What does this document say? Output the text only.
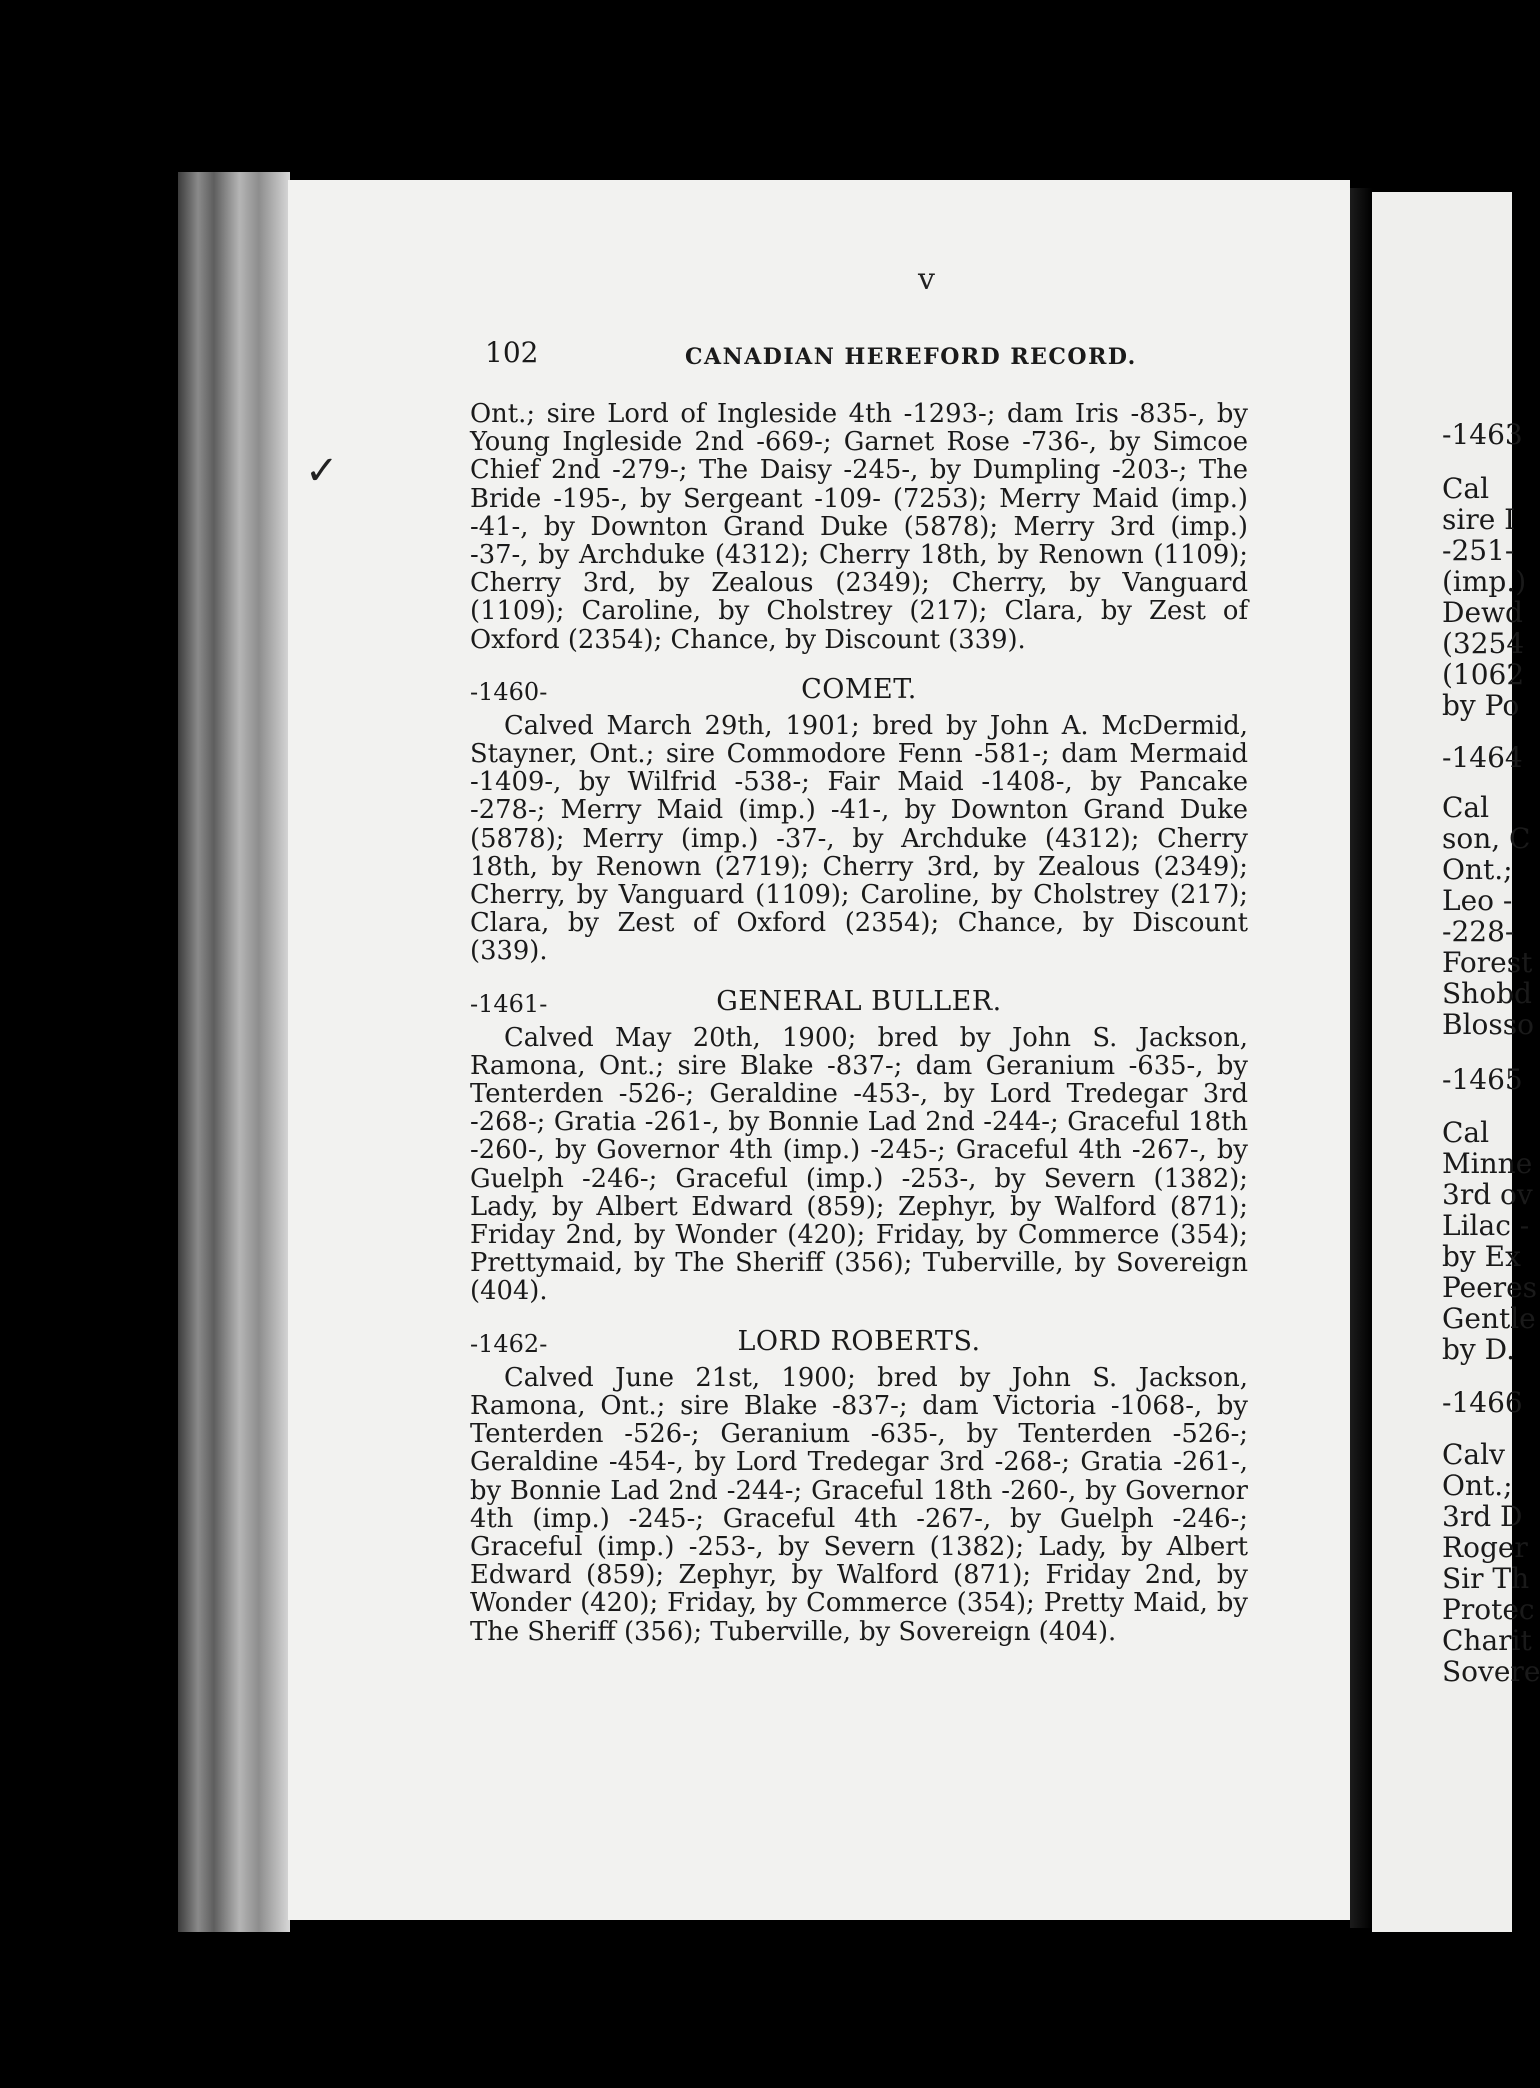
-1463
Cal
sire I
-251-
(imp.)
Dewd
(3254
(1062
by Po
-1464
Cal
son, C
Ont.;
Leo -
-228-
Forest
Shobd
Blosso
-1465
Cal
Minne
3rd ov
Lilac -
by Ex
Peeres
Gentle
by D.
-1466
Calv
Ont.;
3rd D
Roger
Sir Th
Protec
Charit
Sovere
v
✓
102	CANADIAN HEREFORD RECORD.

Ont.; sire Lord of Ingleside 4th -1293-; dam Iris -835-, by Young Ingleside 2nd -669-; Garnet Rose -736-, by Simcoe Chief 2nd -279-; The Daisy -245-, by Dumpling -203-; The Bride -195-, by Sergeant -109- (7253); Merry Maid (imp.) -41-, by Downton Grand Duke (5878); Merry 3rd (imp.) -37-, by Archduke (4312); Cherry 18th, by Renown (1109); Cherry 3rd, by Zealous (2349); Cherry, by Vanguard (1109); Caroline, by Cholstrey (217); Clara, by Zest of Oxford (2354); Chance, by Discount (339).

-1460-	COMET.

Calved March 29th, 1901; bred by John A. McDermid, Stayner, Ont.; sire Commodore Fenn -581-; dam Mermaid -1409-, by Wilfrid -538-; Fair Maid -1408-, by Pancake -278-; Merry Maid (imp.) -41-, by Downton Grand Duke (5878); Merry (imp.) -37-, by Archduke (4312); Cherry 18th, by Renown (2719); Cherry 3rd, by Zealous (2349); Cherry, by Vanguard (1109); Caroline, by Cholstrey (217); Clara, by Zest of Oxford (2354); Chance, by Discount (339).

-1461-	GENERAL BULLER.

Calved May 20th, 1900; bred by John S. Jackson, Ramona, Ont.; sire Blake -837-; dam Geranium -635-, by Tenterden -526-; Geraldine -453-, by Lord Tredegar 3rd -268-; Gratia -261-, by Bonnie Lad 2nd -244-; Graceful 18th -260-, by Governor 4th (imp.) -245-; Graceful 4th -267-, by Guelph -246-; Graceful (imp.) -253-, by Severn (1382); Lady, by Albert Edward (859); Zephyr, by Walford (871); Friday 2nd, by Wonder (420); Friday, by Commerce (354); Prettymaid, by The Sheriff (356); Tuberville, by Sovereign (404).

-1462-	LORD ROBERTS.

Calved June 21st, 1900; bred by John S. Jackson, Ramona, Ont.; sire Blake -837-; dam Victoria -1068-, by Tenterden -526-; Geranium -635-, by Tenterden -526-; Geraldine -454-, by Lord Tredegar 3rd -268-; Gratia -261-, by Bonnie Lad 2nd -244-; Graceful 18th -260-, by Governor 4th (imp.) -245-; Graceful 4th -267-, by Guelph -246-; Graceful (imp.) -253-, by Severn (1382); Lady, by Albert Edward (859); Zephyr, by Walford (871); Friday 2nd, by Wonder (420); Friday, by Commerce (354); Pretty Maid, by The Sheriff (356); Tuberville, by Sovereign (404).
